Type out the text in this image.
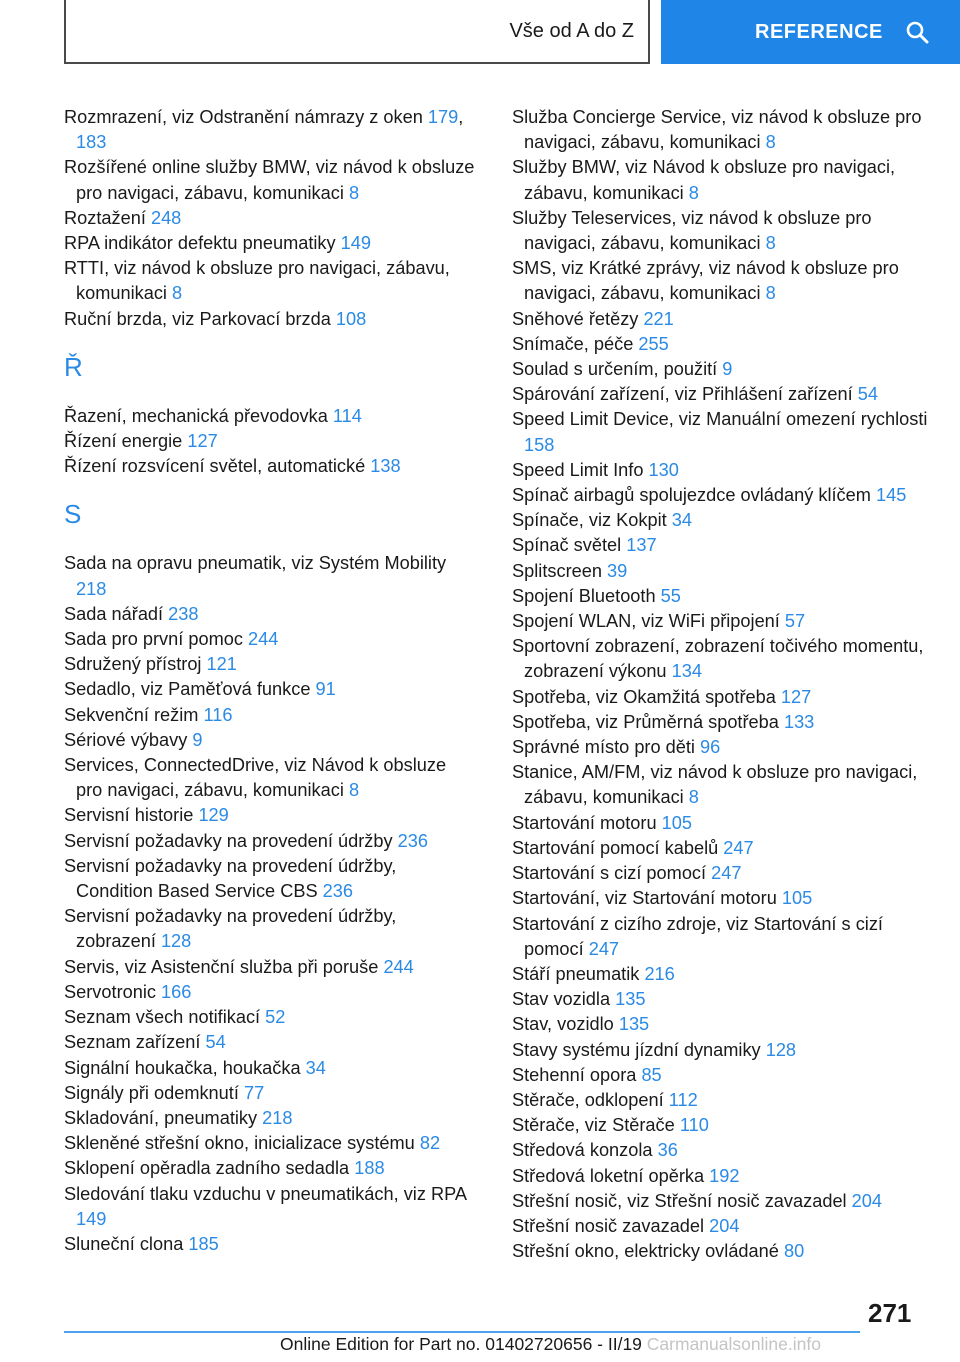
Vše od A do Z	REFERENCE
Rozmrazení, viz Odstranění námrazy z oken 179, 183
Rozšířené online služby BMW, viz návod k obsluze pro navigaci, zábavu, komunikaci 8
Roztažení 248
RPA indikátor defektu pneumatiky 149
RTTI, viz návod k obsluze pro navigaci, zábavu, komunikaci 8
Ruční brzda, viz Parkovací brzda 108
Ř
Řazení, mechanická převodovka 114
Řízení energie 127
Řízení rozsvícení světel, automatické 138
S
Sada na opravu pneumatik, viz Systém Mobility 218
Sada nářadí 238
Sada pro první pomoc 244
Sdružený přístroj 121
Sedadlo, viz Paměťová funkce 91
Sekvenční režim 116
Sériové výbavy 9
Services, ConnectedDrive, viz Návod k obsluze pro navigaci, zábavu, komunikaci 8
Servisní historie 129
Servisní požadavky na provedení údržby 236
Servisní požadavky na provedení údržby, Condition Based Service CBS 236
Servisní požadavky na provedení údržby, zobrazení 128
Servis, viz Asistenční služba při poruše 244
Servotronic 166
Seznam všech notifikací 52
Seznam zařízení 54
Signální houkačka, houkačka 34
Signály při odemknutí 77
Skladování, pneumatiky 218
Skleněné střešní okno, inicializace systému 82
Sklopení opěradla zadního sedadla 188
Sledování tlaku vzduchu v pneumatikách, viz RPA 149
Sluneční clona 185
Služba Concierge Service, viz návod k obsluze pro navigaci, zábavu, komunikaci 8
Služby BMW, viz Návod k obsluze pro navigaci, zábavu, komunikaci 8
Služby Teleservices, viz návod k obsluze pro navigaci, zábavu, komunikaci 8
SMS, viz Krátké zprávy, viz návod k obsluze pro navigaci, zábavu, komunikaci 8
Sněhové řetězy 221
Snímače, péče 255
Soulad s určením, použití 9
Spárování zařízení, viz Přihlášení zařízení 54
Speed Limit Device, viz Manuální omezení rychlosti 158
Speed Limit Info 130
Spínač airbagů spolujezdce ovládaný klíčem 145
Spínače, viz Kokpit 34
Spínač světel 137
Splitscreen 39
Spojení Bluetooth 55
Spojení WLAN, viz WiFi připojení 57
Sportovní zobrazení, zobrazení točivého momentu, zobrazení výkonu 134
Spotřeba, viz Okamžitá spotřeba 127
Spotřeba, viz Průměrná spotřeba 133
Správné místo pro děti 96
Stanice, AM/FM, viz návod k obsluze pro navigaci, zábavu, komunikaci 8
Startování motoru 105
Startování pomocí kabelů 247
Startování s cizí pomocí 247
Startování, viz Startování motoru 105
Startování z cizího zdroje, viz Startování s cizí pomocí 247
Stáří pneumatik 216
Stav vozidla 135
Stav, vozidlo 135
Stavy systému jízdní dynamiky 128
Stehenní opora 85
Stěrače, odklopení 112
Stěrače, viz Stěrače 110
Středová konzola 36
Středová loketní opěrka 192
Střešní nosič, viz Střešní nosič zavazadel 204
Střešní nosič zavazadel 204
Střešní okno, elektricky ovládané 80
271
Online Edition for Part no. 01402720656 - II/19 Carmanualsonline.info
